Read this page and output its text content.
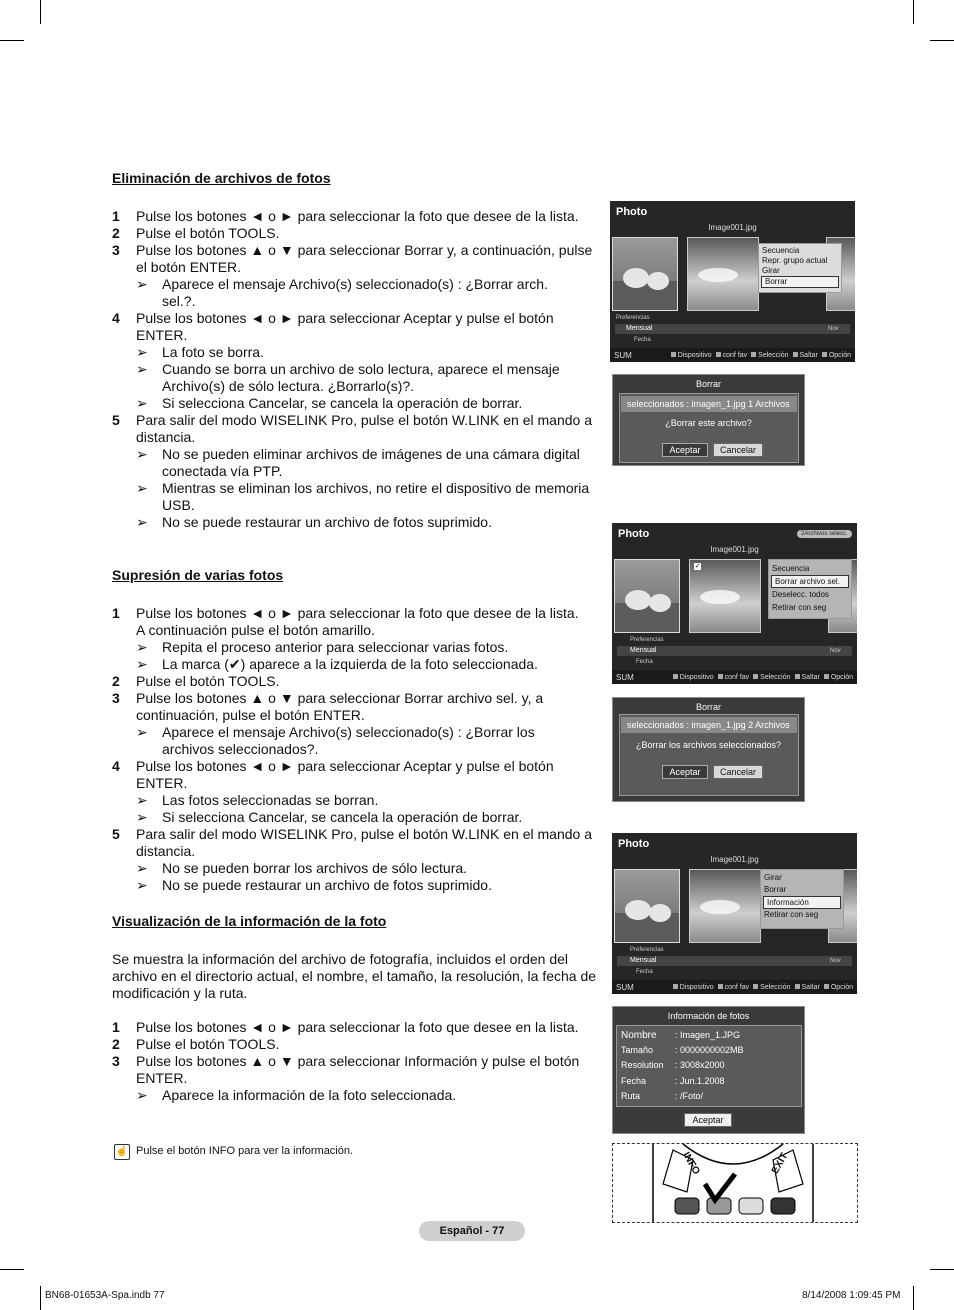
Eliminación de archivos de fotos
1 Pulse los botones ◄ o ► para seleccionar la foto que desee de la lista.
2 Pulse el botón TOOLS.
3 Pulse los botones ▲ o ▼ para seleccionar Borrar y, a continuación, pulse
el botón ENTER.
➢ Aparece el mensaje Archivo(s) seleccionado(s) : ¿Borrar arch.
sel.?.
4 Pulse los botones ◄ o ► para seleccionar Aceptar y pulse el botón
ENTER.
➢ La foto se borra.
➢ Cuando se borra un archivo de solo lectura, aparece el mensaje
Archivo(s) de sólo lectura. ¿Borrarlo(s)?.
➢ Si selecciona Cancelar, se cancela la operación de borrar.
5 Para salir del modo WISELINK Pro, pulse el botón W.LINK en el mando a
distancia.
➢ No se pueden eliminar archivos de imágenes de una cámara digital
conectada vía PTP.
➢ Mientras se eliminan los archivos, no retire el dispositivo de memoria
USB.
➢ No se puede restaurar un archivo de fotos suprimido.
Supresión de varias fotos
1 Pulse los botones ◄ o ► para seleccionar la foto que desee de la lista.
A continuación pulse el botón amarillo.
➢ Repita el proceso anterior para seleccionar varias fotos.
➢ La marca (✔) aparece a la izquierda de la foto seleccionada.
2 Pulse el botón TOOLS.
3 Pulse los botones ▲ o ▼ para seleccionar Borrar archivo sel. y, a
continuación, pulse el botón ENTER.
➢ Aparece el mensaje Archivo(s) seleccionado(s) : ¿Borrar los
archivos seleccionados?.
4 Pulse los botones ◄ o ► para seleccionar Aceptar y pulse el botón
ENTER.
➢ Las fotos seleccionadas se borran.
➢ Si selecciona Cancelar, se cancela la operación de borrar.
5 Para salir del modo WISELINK Pro, pulse el botón W.LINK en el mando a
distancia.
➢ No se pueden borrar los archivos de sólo lectura.
➢ No se puede restaurar un archivo de fotos suprimido.
Visualización de la información de la foto
Se muestra la información del archivo de fotografía, incluidos el orden del
archivo en el directorio actual, el nombre, el tamaño, la resolución, la fecha de
modificación y la ruta.
1 Pulse los botones ◄ o ► para seleccionar la foto que desee en la lista.
2 Pulse el botón TOOLS.
3 Pulse los botones ▲ o ▼ para seleccionar Información y pulse el botón
ENTER.
➢ Aparece la información de la foto seleccionada.
☝ Pulse el botón INFO para ver la información.
Photo
Image001.jpg
Secuencia
Repr. grupo actual
Girar
Borrar
Preferencias
Mensual	Nov
Fecha
SUM	Dispositivo conf fav Selección Saltar Opción
Borrar
seleccionados : imagen_1.jpg 1 Archivos
¿Borrar este archivo?
Aceptar	Cancelar
Photo	2Archivos selecc.
Image001.jpg
✓	Secuencia
Borrar archivo sel.
Deselecc. todos
Retirar con seg
Preferencias
Mensual	Nov
Fecha
SUM	Dispositivo conf fav Selección Saltar Opción
Borrar
seleccionados : imagen_1.jpg 2 Archivos
¿Borrar los archivos seleccionados?
Aceptar	Cancelar
Photo
Image001.jpg
Girar
Borrar
Información
Retirar con seg
Preferencias
Mensual	Nov
Fecha
SUM	Dispositivo conf fav Selección Saltar Opción
Información de fotos
Nombre : Imagen_1.JPG
Tamaño : 0000000002MB
Resolution : 3008x2000
Fecha	: Jun.1.2008
Ruta	: /Foto/
Aceptar
INFO	EXIT
Español - 77
BN68-01653A-Spa.indb 77	8/14/2008 1:09:45 PM
